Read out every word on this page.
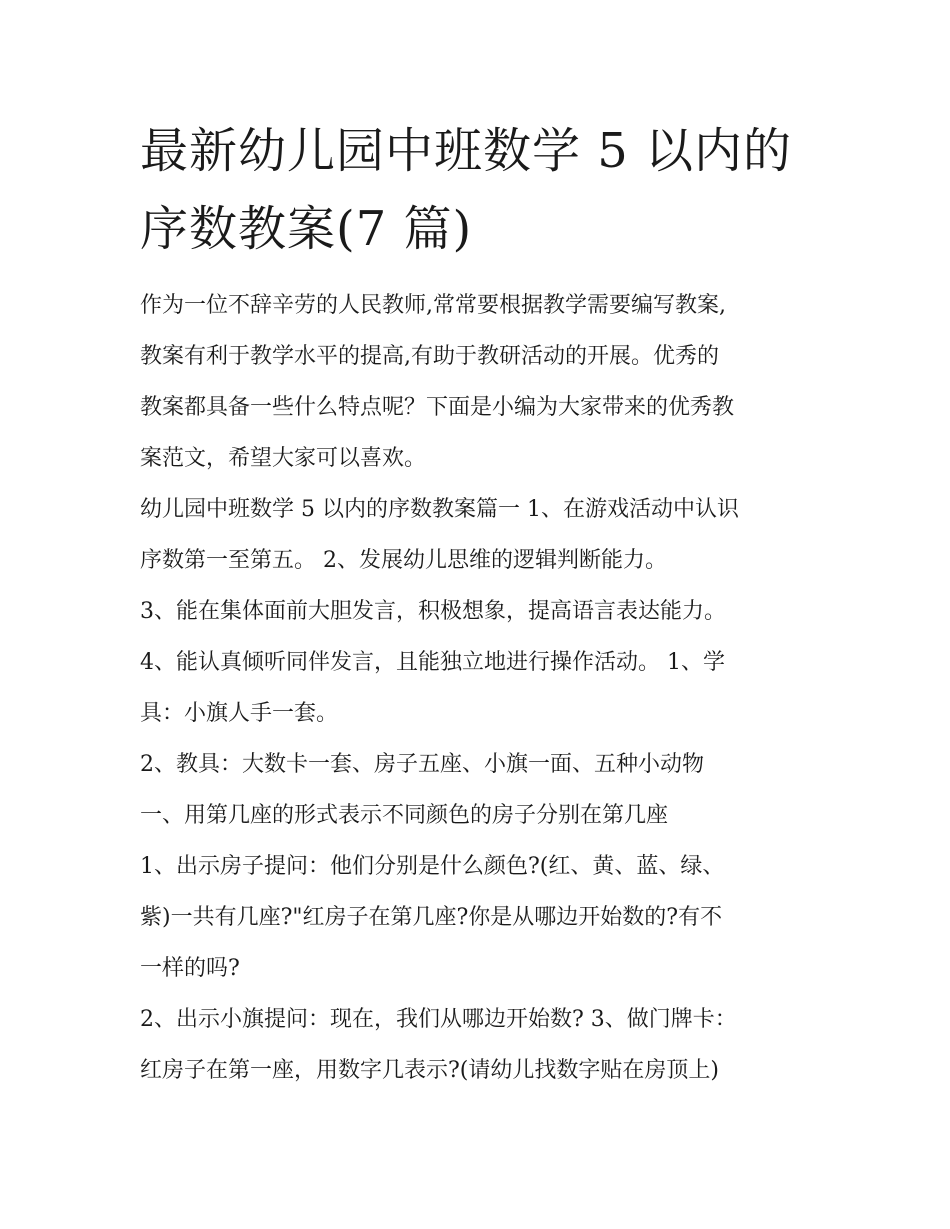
最新幼儿园中班数学 5 以内的
序数教案(7 篇)

作为一位不辞辛劳的人民教师,常常要根据教学需要编写教案,

教案有利于教学水平的提高,有助于教研活动的开展。优秀的

教案都具备一些什么特点呢？下面是小编为大家带来的优秀教

案范文，希望大家可以喜欢。

幼儿园中班数学 5 以内的序数教案篇一 1、在游戏活动中认识

序数第一至第五。 2、发展幼儿思维的逻辑判断能力。

3、能在集体面前大胆发言，积极想象，提高语言表达能力。

4、能认真倾听同伴发言，且能独立地进行操作活动。 1、学

具：小旗人手一套。

2、教具：大数卡一套、房子五座、小旗一面、五种小动物

一、用第几座的形式表示不同颜色的房子分别在第几座

1、出示房子提问：他们分别是什么颜色?(红、黄、蓝、绿、

紫)一共有几座?"红房子在第几座?你是从哪边开始数的?有不

一样的吗?

2、出示小旗提问：现在，我们从哪边开始数? 3、做门牌卡：

红房子在第一座，用数字几表示?(请幼儿找数字贴在房顶上)
